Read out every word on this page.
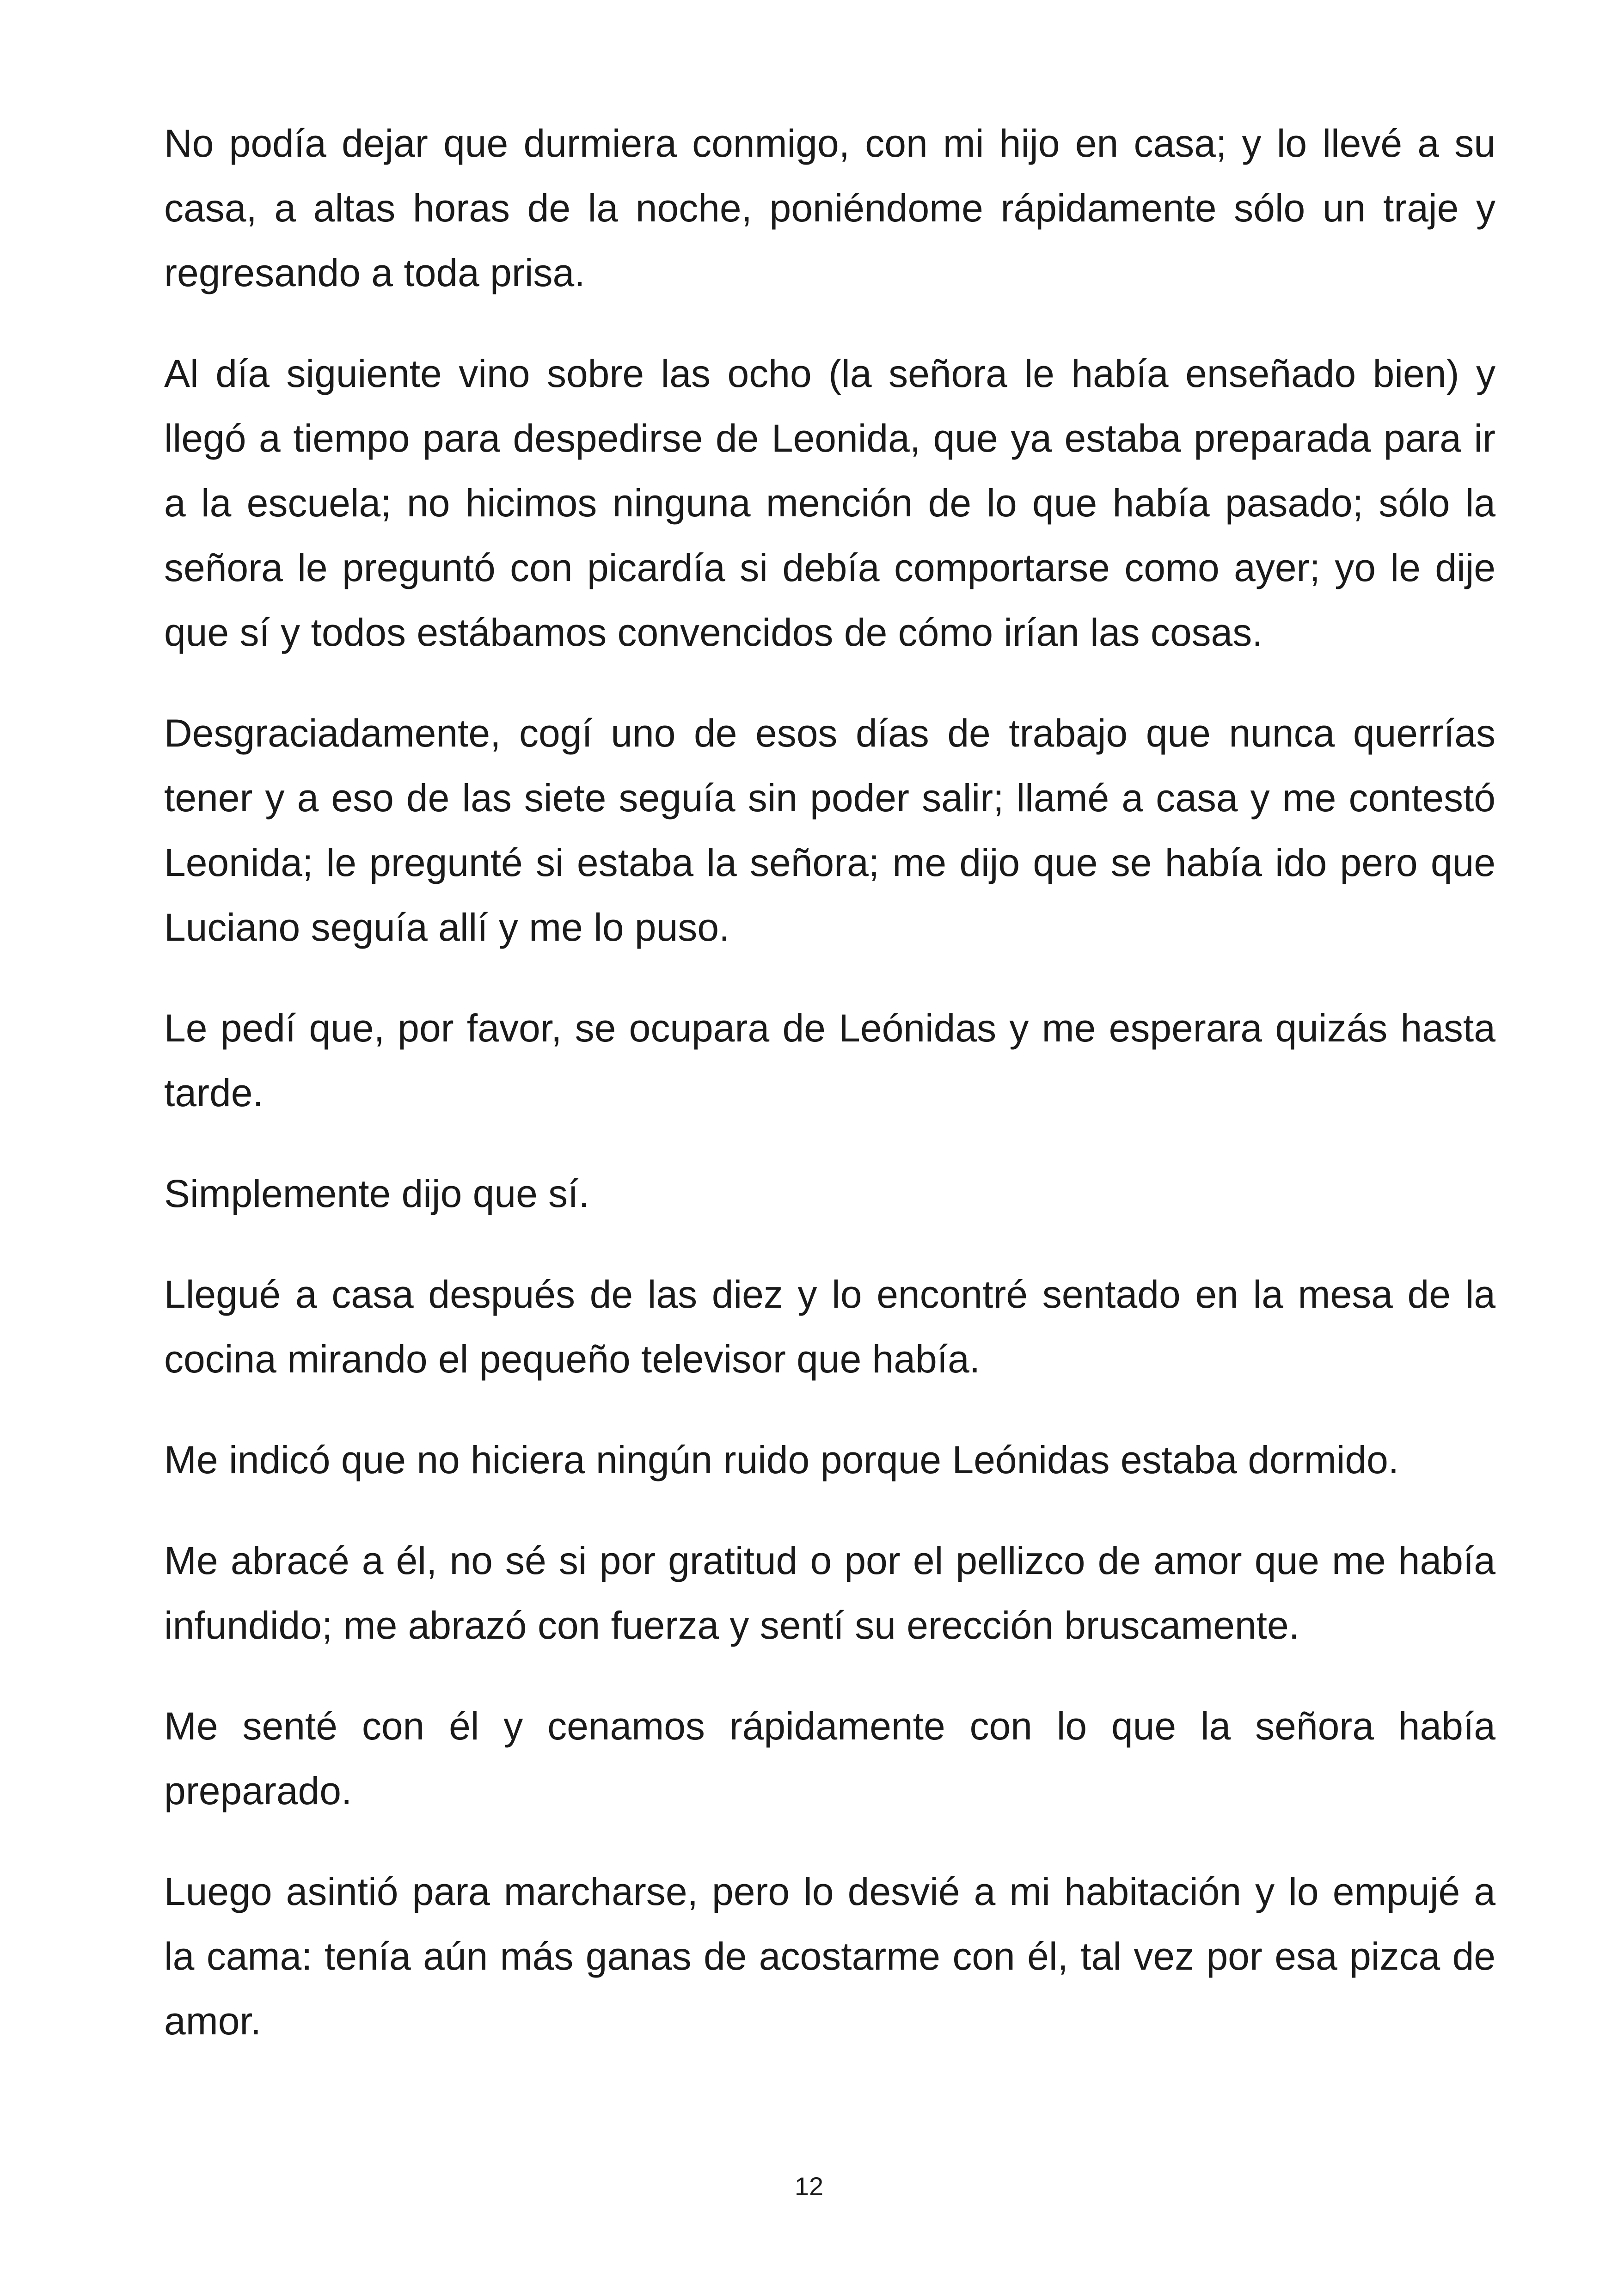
No podía dejar que durmiera conmigo, con mi hijo en casa; y lo llevé a su casa, a altas horas de la noche, poniéndome rápidamente sólo un traje y regresando a toda prisa.

Al día siguiente vino sobre las ocho (la señora le había enseñado bien) y llegó a tiempo para despedirse de Leonida, que ya estaba preparada para ir a la escuela; no hicimos ninguna mención de lo que había pasado; sólo la señora le preguntó con picardía si debía comportarse como ayer; yo le dije que sí y todos estábamos convencidos de cómo irían las cosas.

Desgraciadamente, cogí uno de esos días de trabajo que nunca querrías tener y a eso de las siete seguía sin poder salir; llamé a casa y me contestó Leonida; le pregunté si estaba la señora; me dijo que se había ido pero que Luciano seguía allí y me lo puso.

Le pedí que, por favor, se ocupara de Leónidas y me esperara quizás hasta tarde.

Simplemente dijo que sí.

Llegué a casa después de las diez y lo encontré sentado en la mesa de la cocina mirando el pequeño televisor que había.

Me indicó que no hiciera ningún ruido porque Leónidas estaba dormido.

Me abracé a él, no sé si por gratitud o por el pellizco de amor que me había infundido; me abrazó con fuerza y sentí su erección bruscamente.

Me senté con él y cenamos rápidamente con lo que la señora había preparado.

Luego asintió para marcharse, pero lo desvié a mi habitación y lo empujé a la cama: tenía aún más ganas de acostarme con él, tal vez por esa pizca de amor.

12
